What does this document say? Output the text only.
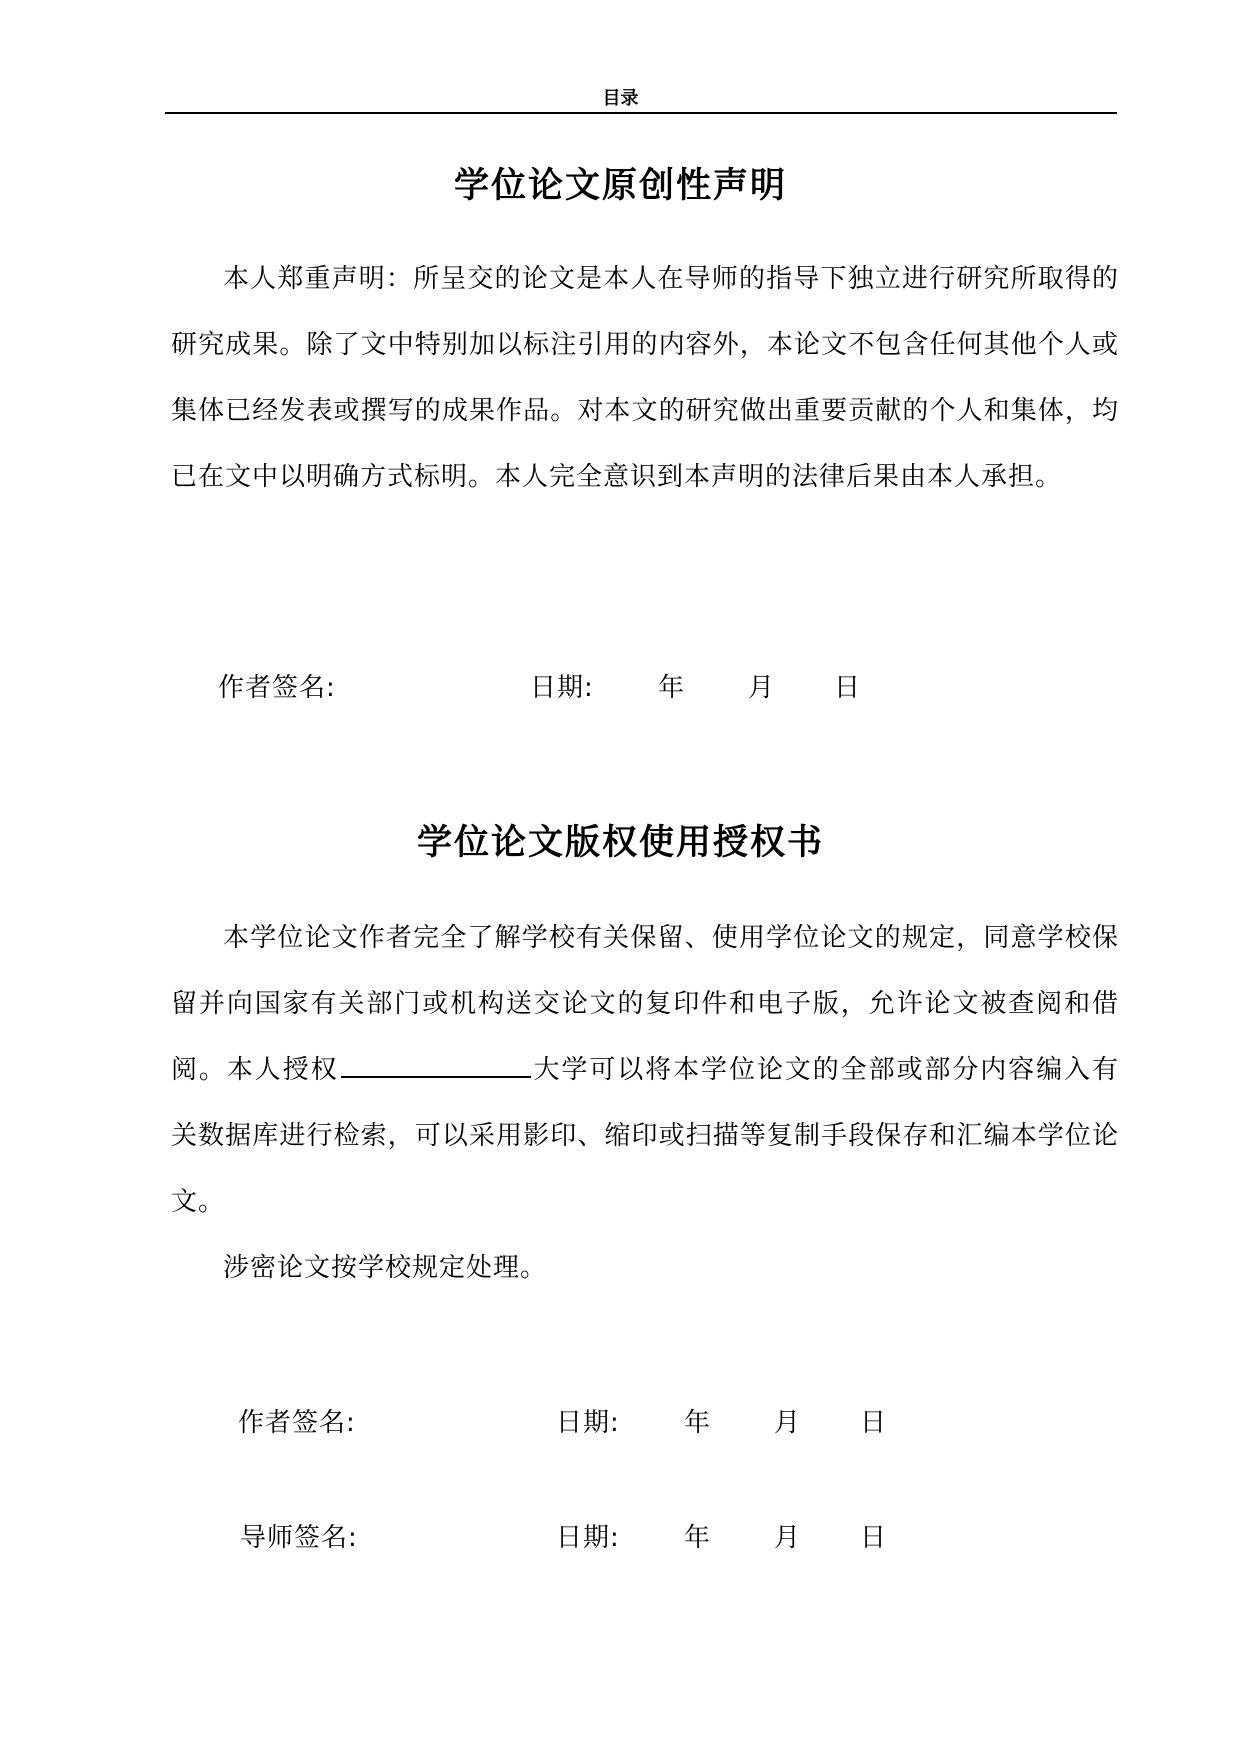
目录
学位论文原创性声明

本人郑重声明：所呈交的论文是本人在导师的指导下独立进行研究所取得的研究成果。除了文中特别加以标注引用的内容外，本论文不包含任何其他个人或集体已经发表或撰写的成果作品。对本文的研究做出重要贡献的个人和集体，均已在文中以明确方式标明。本人完全意识到本声明的法律后果由本人承担。

作者签名:	日期: 年 月 日
学位论文版权使用授权书

本学位论文作者完全了解学校有关保留、使用学位论文的规定，同意学校保留并向国家有关部门或机构送交论文的复印件和电子版，允许论文被查阅和借阅。本人授权	大学可以将本学位论文的全部或部分内容编入有关数据库进行检索，可以采用影印、缩印或扫描等复制手段保存和汇编本学位论文。

涉密论文按学校规定处理。
作者签名:	日期: 年 月 日
导师签名:	日期: 年 月 日
